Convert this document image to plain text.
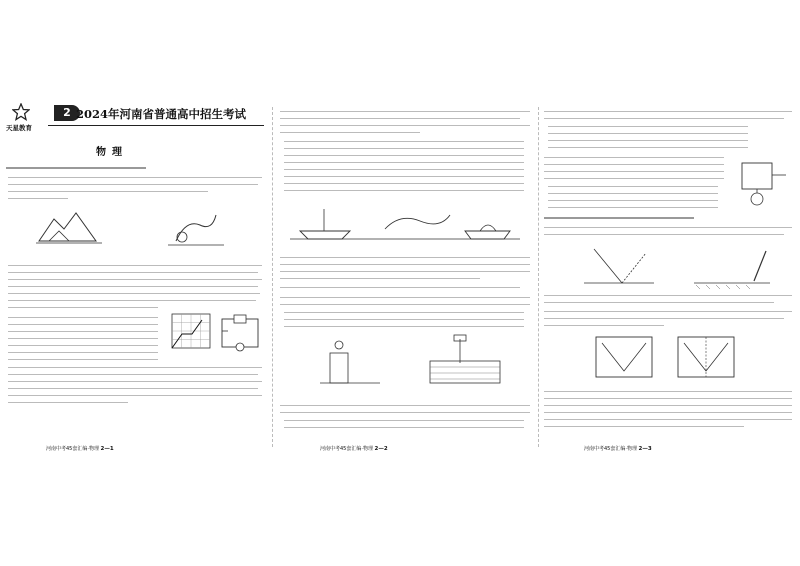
天星教育
2 2024年河南省普通高中招生考试
物理
河南中考45套汇编·物理 2—1	河南中考45套汇编·物理 2—2	河南中考45套汇编·物理 2—3
